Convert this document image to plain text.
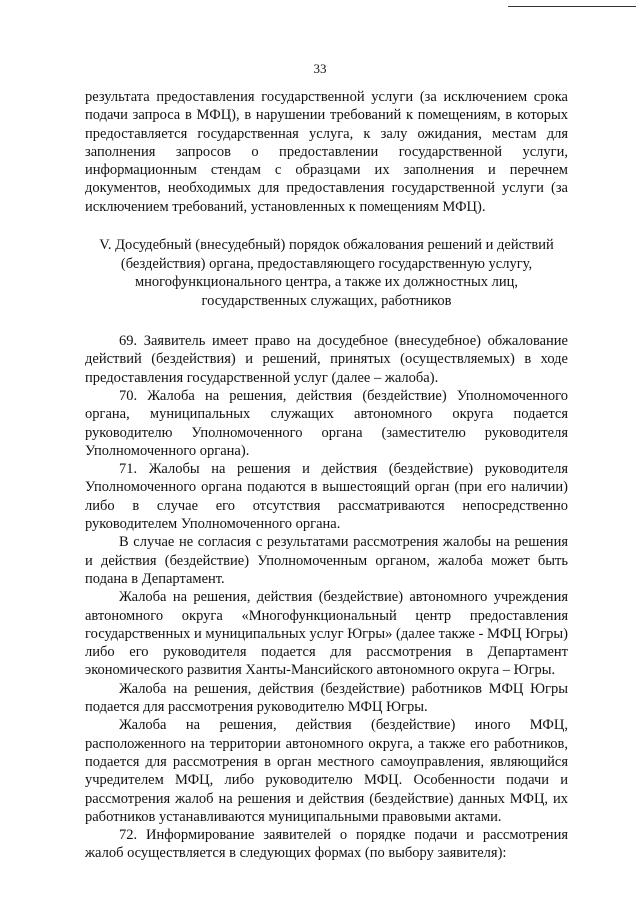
33

результата предоставления государственной услуги (за исключением срока подачи запроса в МФЦ), в нарушении требований к помещениям, в которых предоставляется государственная услуга, к залу ожидания, местам для заполнения запросов о предоставлении государственной услуги, информационным стендам с образцами их заполнения и перечнем документов, необходимых для предоставления государственной услуги (за исключением требований, установленных к помещениям МФЦ).

V. Досудебный (внесудебный) порядок обжалования решений и действий (бездействия) органа, предоставляющего государственную услугу, многофункционального центра, а также их должностных лиц, государственных служащих, работников

69. Заявитель имеет право на досудебное (внесудебное) обжалование действий (бездействия) и решений, принятых (осуществляемых) в ходе предоставления государственной услуг (далее – жалоба).

70. Жалоба на решения, действия (бездействие) Уполномоченного органа, муниципальных служащих автономного округа подается руководителю Уполномоченного органа (заместителю руководителя Уполномоченного органа).

71. Жалобы на решения и действия (бездействие) руководителя Уполномоченного органа подаются в вышестоящий орган (при его наличии) либо в случае его отсутствия рассматриваются непосредственно руководителем Уполномоченного органа.

В случае не согласия с результатами рассмотрения жалобы на решения и действия (бездействие) Уполномоченным органом, жалоба может быть подана в Департамент.

Жалоба на решения, действия (бездействие) автономного учреждения автономного округа «Многофункциональный центр предоставления государственных и муниципальных услуг Югры» (далее также - МФЦ Югры) либо его руководителя подается для рассмотрения в Департамент экономического развития Ханты-Мансийского автономного округа – Югры.

Жалоба на решения, действия (бездействие) работников МФЦ Югры подается для рассмотрения руководителю МФЦ Югры.

Жалоба на решения, действия (бездействие) иного МФЦ, расположенного на территории автономного округа, а также его работников, подается для рассмотрения в орган местного самоуправления, являющийся учредителем МФЦ, либо руководителю МФЦ. Особенности подачи и рассмотрения жалоб на решения и действия (бездействие) данных МФЦ, их работников устанавливаются муниципальными правовыми актами.

72. Информирование заявителей о порядке подачи и рассмотрения жалоб осуществляется в следующих формах (по выбору заявителя):
